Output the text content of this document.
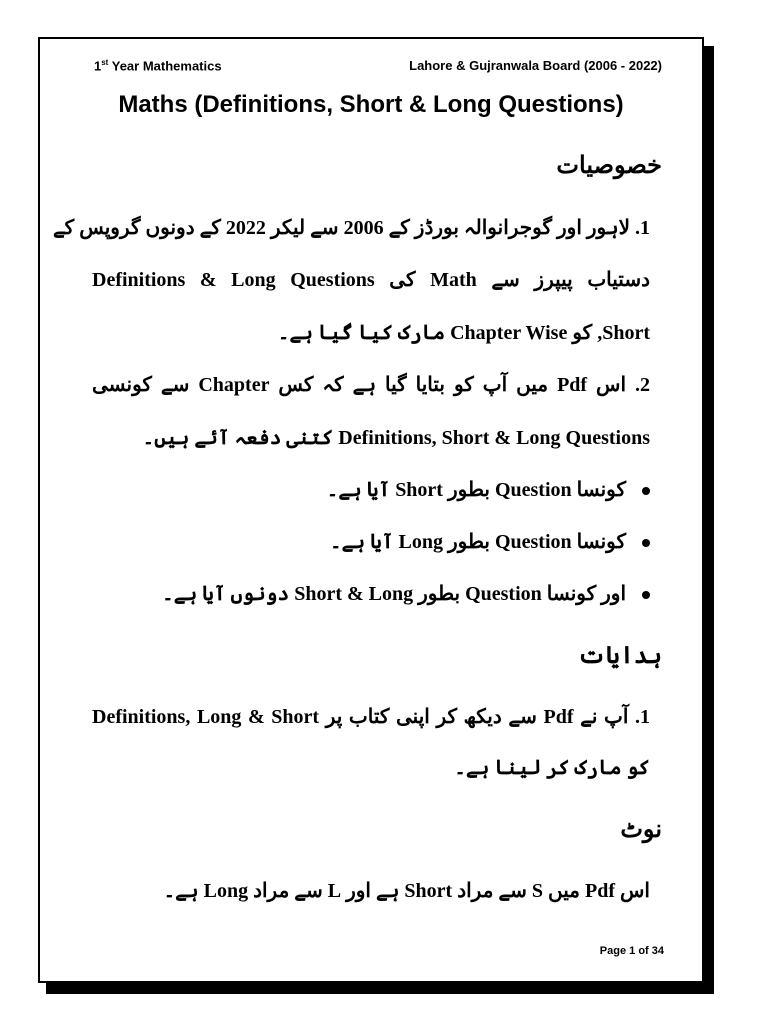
1st Year Mathematics	Lahore & Gujranwala Board (2006 - 2022)
Maths (Definitions, Short & Long Questions)
خصوصیات
1. لاہور اور گوجرانوالہ بورڈز کے 2006 سے لیکر 2022 کے دونوں گروپس کے
دستیاب پیپرز سے Math کی Definitions & Long Questions
Short, کو Chapter Wise مارک کیا گیا ہے۔
2. اس Pdf میں آپ کو بتایا گیا ہے کہ کس Chapter سے کونسی
Definitions, Short & Long Questions کتنی دفعہ آئے ہیں۔
کونسا Question بطور Short آیا ہے۔
کونسا Question بطور Long آیا ہے۔
اور کونسا Question بطور Short & Long دونوں آیا ہے۔
ہدایات
1. آپ نے Pdf سے دیکھ کر اپنی کتاب پر Definitions, Long & Short
کو مارک کر لینا ہے۔
نوٹ
اس Pdf میں S سے مراد Short ہے اور L سے مراد Long ہے۔
Page 1 of 34
